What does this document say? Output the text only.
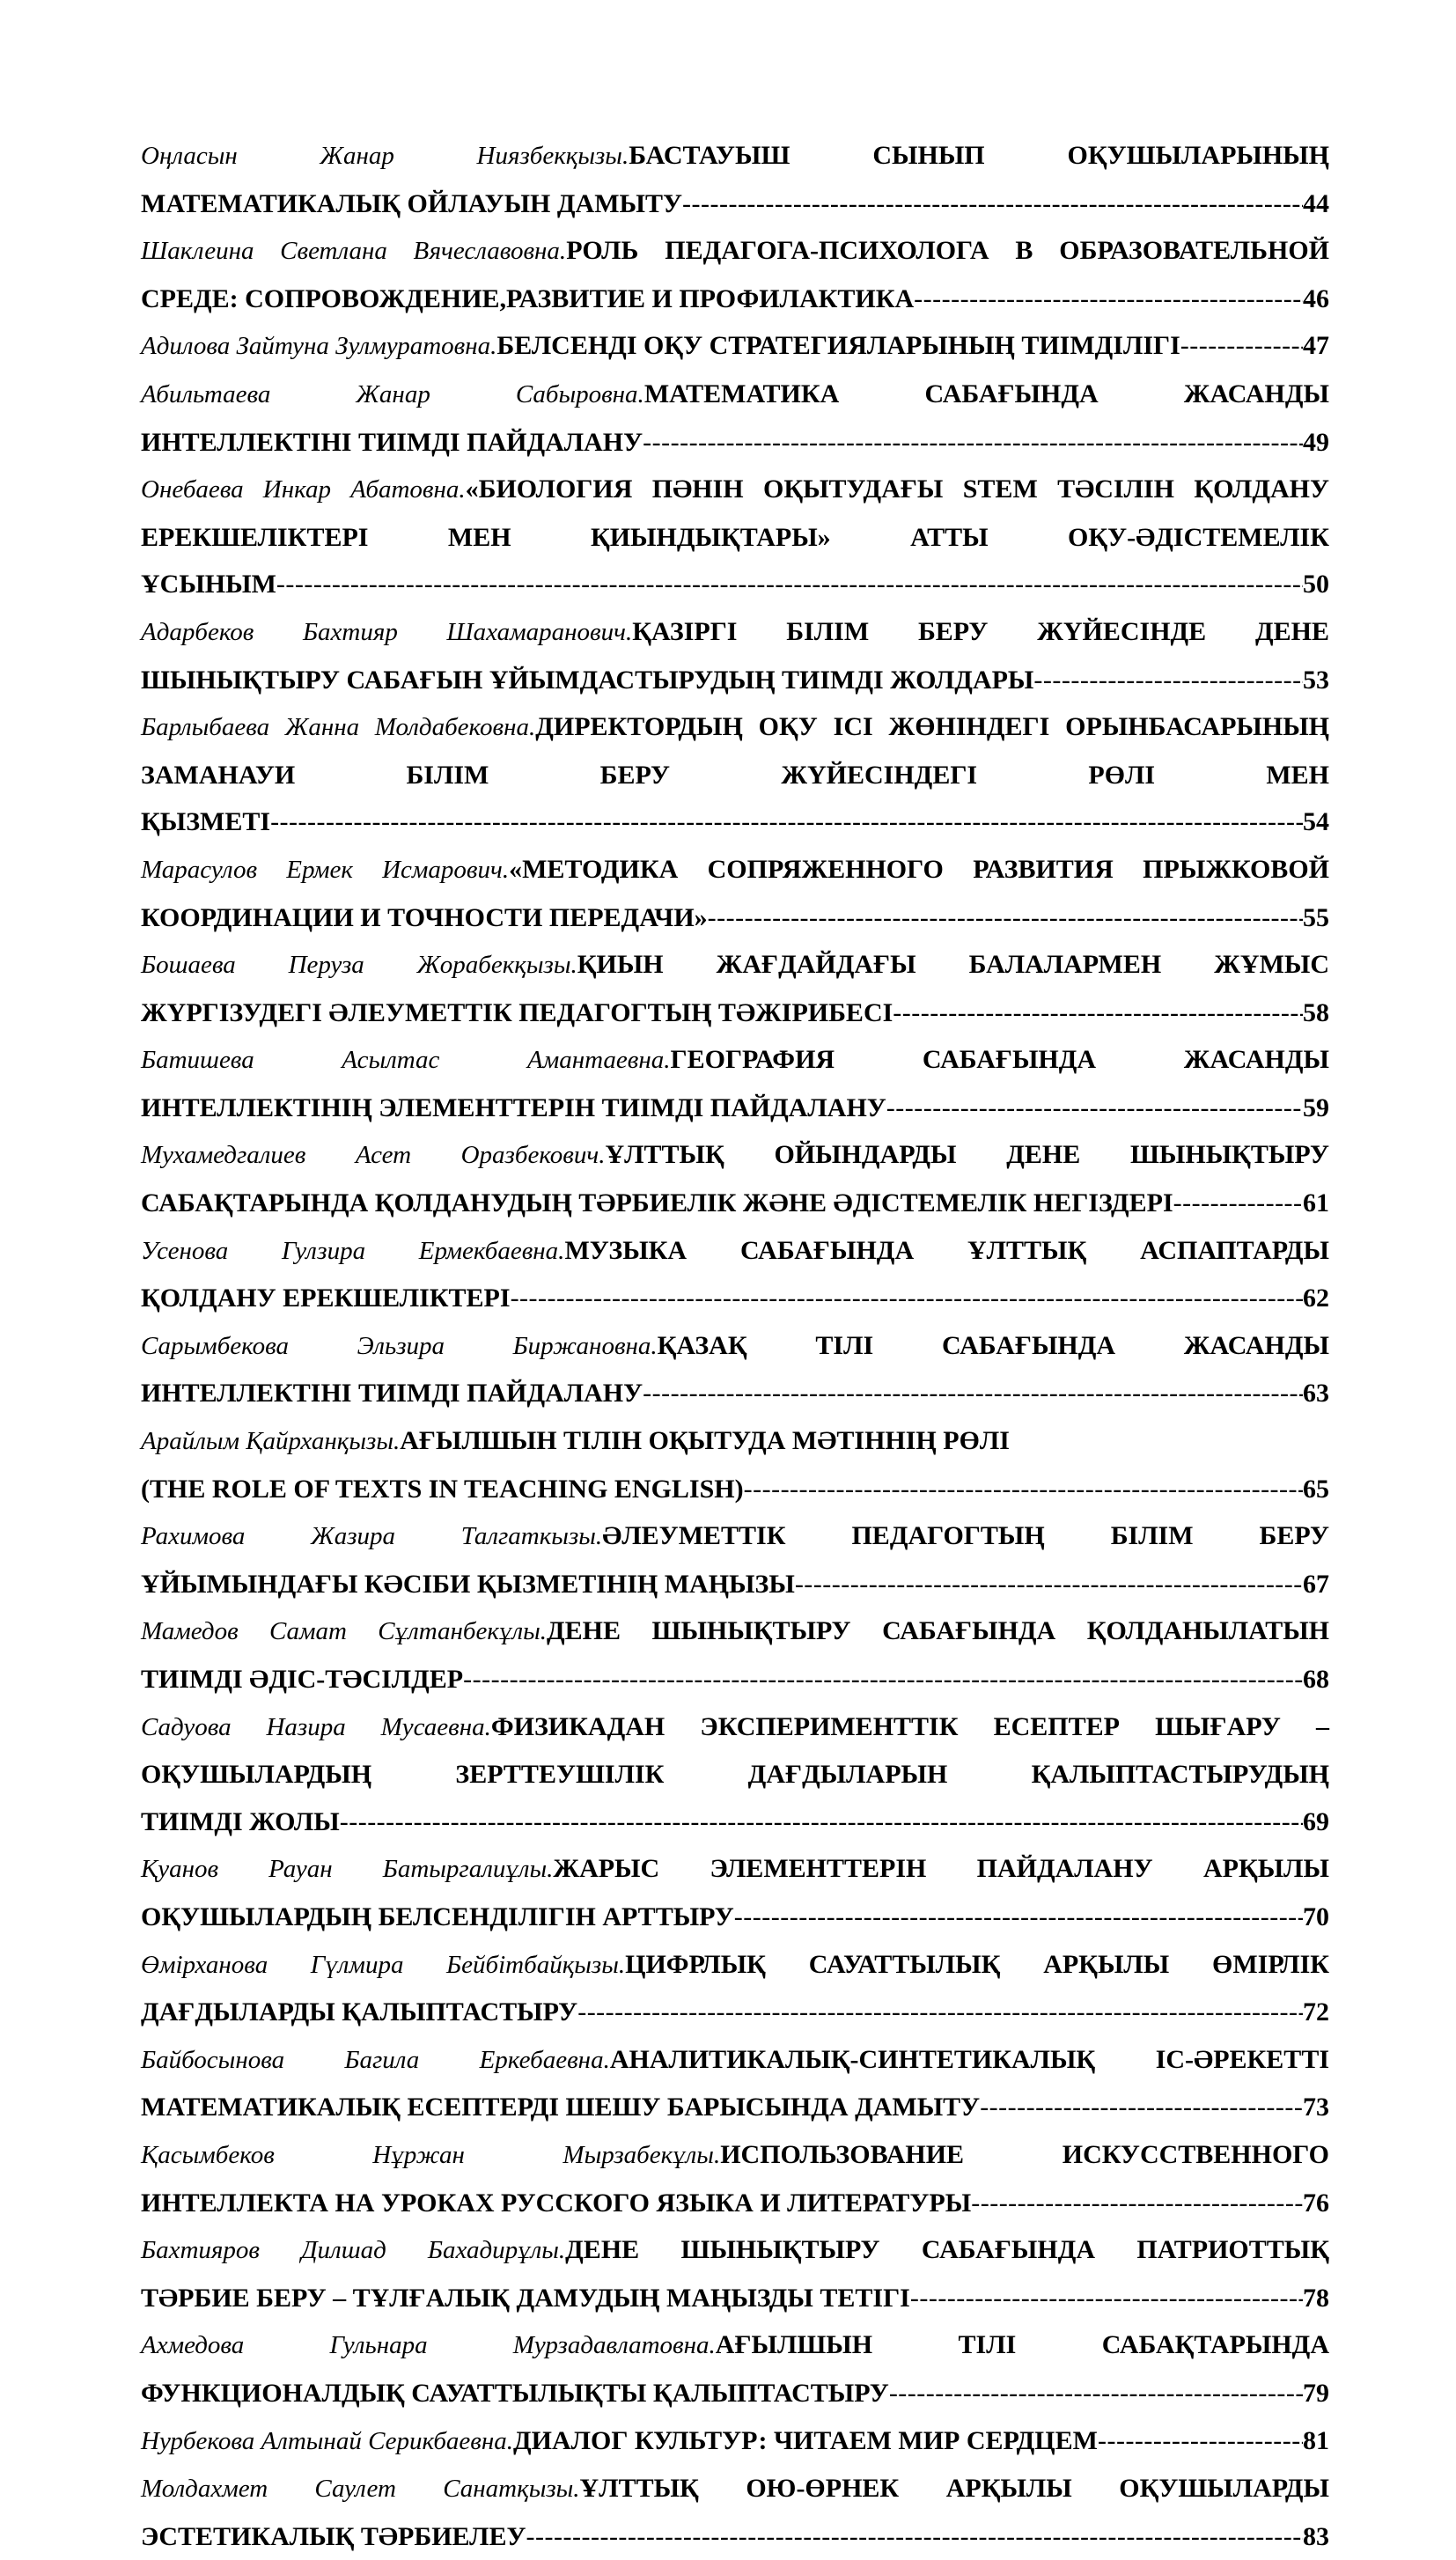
Оңласын Жанар Ниязбекқызы.БАСТАУЫШ СЫНЫП ОҚУШЫЛАРЫНЫҢ
МАТЕМАТИКАЛЫҚ ОЙЛАУЫН ДАМЫТУ -----	44
Шаклеина Светлана Вячеславовна.РОЛЬ ПЕДАГОГА-ПСИХОЛОГА В ОБРАЗОВАТЕЛЬНОЙ
СРЕДЕ: СОПРОВОЖДЕНИЕ,РАЗВИТИЕ И ПРОФИЛАКТИКА -----	46
Адилова Зайтуна Зулмуратовна. БЕЛСЕНДІ ОҚУ СТРАТЕГИЯЛАРЫНЫҢ ТИІМДІЛІГІ -----	47
Абильтаева Жанар Сабыровна.МАТЕМАТИКА САБАҒЫНДА ЖАСАНДЫ
ИНТЕЛЛЕКТІНІ ТИІМДІ ПАЙДАЛАНУ -----	49
Онебаева Инкар Абатовна.«БИОЛОГИЯ ПӘНІН ОҚЫТУДАҒЫ STEM ТӘСІЛІН ҚОЛДАНУ ЕРЕКШЕЛІКТЕРІ МЕН ҚИЫНДЫҚТАРЫ» АТТЫ ОҚУ-ӘДІСТЕМЕЛІК
ҰСЫНЫМ -----	50
Адарбеков Бахтияр Шахамаранович.ҚАЗІРГІ БІЛІМ БЕРУ ЖҮЙЕСІНДЕ ДЕНЕ
ШЫНЫҚТЫРУ САБАҒЫН ҰЙЫМДАСТЫРУДЫҢ ТИІМДІ ЖОЛДАРЫ -----	53
Барлыбаева Жанна Молдабековна.ДИРЕКТОРДЫҢ ОҚУ ІСІ ЖӨНІНДЕГІ ОРЫНБАСАРЫНЫҢ ЗАМАНАУИ БІЛІМ БЕРУ ЖҮЙЕСІНДЕГІ РӨЛІ МЕН
ҚЫЗМЕТІ -----	54
Марасулов Ермек Исмарович.«МЕТОДИКА СОПРЯЖЕННОГО РАЗВИТИЯ ПРЫЖКОВОЙ
КООРДИНАЦИИ И ТОЧНОСТИ ПЕРЕДАЧИ» -----	55
Бошаева Перуза Жорабекқызы.ҚИЫН ЖАҒДАЙДАҒЫ БАЛАЛАРМЕН ЖҰМЫС
ЖҮРГІЗУДЕГІ ӘЛЕУМЕТТІК ПЕДАГОГТЫҢ ТӘЖІРИБЕСІ -----	58
Батишева Асылтас Амантаевна.ГЕОГРАФИЯ САБАҒЫНДА ЖАСАНДЫ
ИНТЕЛЛЕКТІНІҢ ЭЛЕМЕНТТЕРІН ТИІМДІ ПАЙДАЛАНУ -----	59
Мухамедгалиев Асет Оразбекович.ҰЛТТЫҚ ОЙЫНДАРДЫ ДЕНЕ ШЫНЫҚТЫРУ
САБАҚТАРЫНДА ҚОЛДАНУДЫҢ ТӘРБИЕЛІК ЖӘНЕ ӘДІСТЕМЕЛІК НЕГІЗДЕРІ -----	61
Усенова Гулзира Ермекбаевна.МУЗЫКА САБАҒЫНДА ҰЛТТЫҚ АСПАПТАРДЫ
ҚОЛДАНУ ЕРЕКШЕЛІКТЕРІ -----	62
Сарымбекова Эльзира Биржановна.ҚАЗАҚ ТІЛІ САБАҒЫНДА ЖАСАНДЫ
ИНТЕЛЛЕКТІНІ ТИІМДІ ПАЙДАЛАНУ -----	63
Арайлым Қайрханқызы.АҒЫЛШЫН ТІЛІН ОҚЫТУДА МӘТІННІҢ РӨЛІ
(THE ROLE OF TEXTS IN TEACHING ENGLISH) -----	65
Рахимова Жазира Талгаткызы.ӘЛЕУМЕТТІК ПЕДАГОГТЫҢ БІЛІМ БЕРУ
ҰЙЫМЫНДАҒЫ КӘСІБИ ҚЫЗМЕТІНІҢ МАҢЫЗЫ -----	67
Мамедов Самат Сұлтанбекұлы.ДЕНЕ ШЫНЫҚТЫРУ САБАҒЫНДА ҚОЛДАНЫЛАТЫН
ТИІМДІ ӘДІС-ТӘСІЛДЕР -----	68
Садуова Назира Мусаевна.ФИЗИКАДАН ЭКСПЕРИМЕНТТІК ЕСЕПТЕР ШЫҒАРУ – ОҚУШЫЛАРДЫҢ ЗЕРТТЕУШІЛІК ДАҒДЫЛАРЫН ҚАЛЫПТАСТЫРУДЫҢ
ТИІМДІ ЖОЛЫ -----	69
Қуанов Рауан Батыргалиұлы.ЖАРЫС ЭЛЕМЕНТТЕРІН ПАЙДАЛАНУ АРҚЫЛЫ
ОҚУШЫЛАРДЫҢ БЕЛСЕНДІЛІГІН АРТТЫРУ -----	70
Өмірханова Гүлмира Бейбітбайқызы.ЦИФРЛЫҚ САУАТТЫЛЫҚ АРҚЫЛЫ ӨМІРЛІК
ДАҒДЫЛАРДЫ ҚАЛЫПТАСТЫРУ -----	72
Байбосынова Багила Еркебаевна.АНАЛИТИКАЛЫҚ-СИНТЕТИКАЛЫҚ ІС-ӘРЕКЕТТІ
МАТЕМАТИКАЛЫҚ ЕСЕПТЕРДІ ШЕШУ БАРЫСЫНДА ДАМЫТУ -----	73
Қасымбеков Нұржан Мырзабекұлы.ИСПОЛЬЗОВАНИЕ ИСКУССТВЕННОГО
ИНТЕЛЛЕКТА НА УРОКАХ РУССКОГО ЯЗЫКА И ЛИТЕРАТУРЫ -----	76
Бахтияров Дилшад Бахадирұлы.ДЕНЕ ШЫНЫҚТЫРУ САБАҒЫНДА ПАТРИОТТЫҚ
ТӘРБИЕ БЕРУ – ТҰЛҒАЛЫҚ ДАМУДЫҢ МАҢЫЗДЫ ТЕТІГІ -----	78
Ахмедова Гульнара Мурзадавлатовна.АҒЫЛШЫН ТІЛІ САБАҚТАРЫНДА
ФУНКЦИОНАЛДЫҚ САУАТТЫЛЫҚТЫ ҚАЛЫПТАСТЫРУ -----	79
Нурбекова Алтынай Серикбаевна. ДИАЛОГ КУЛЬТУР: ЧИТАЕМ МИР СЕРДЦЕМ -----	81
Молдахмет Саулет Санатқызы.ҰЛТТЫҚ ОЮ-ӨРНЕК АРҚЫЛЫ ОҚУШЫЛАРДЫ
ЭСТЕТИКАЛЫҚ ТӘРБИЕЛЕУ -----	83
